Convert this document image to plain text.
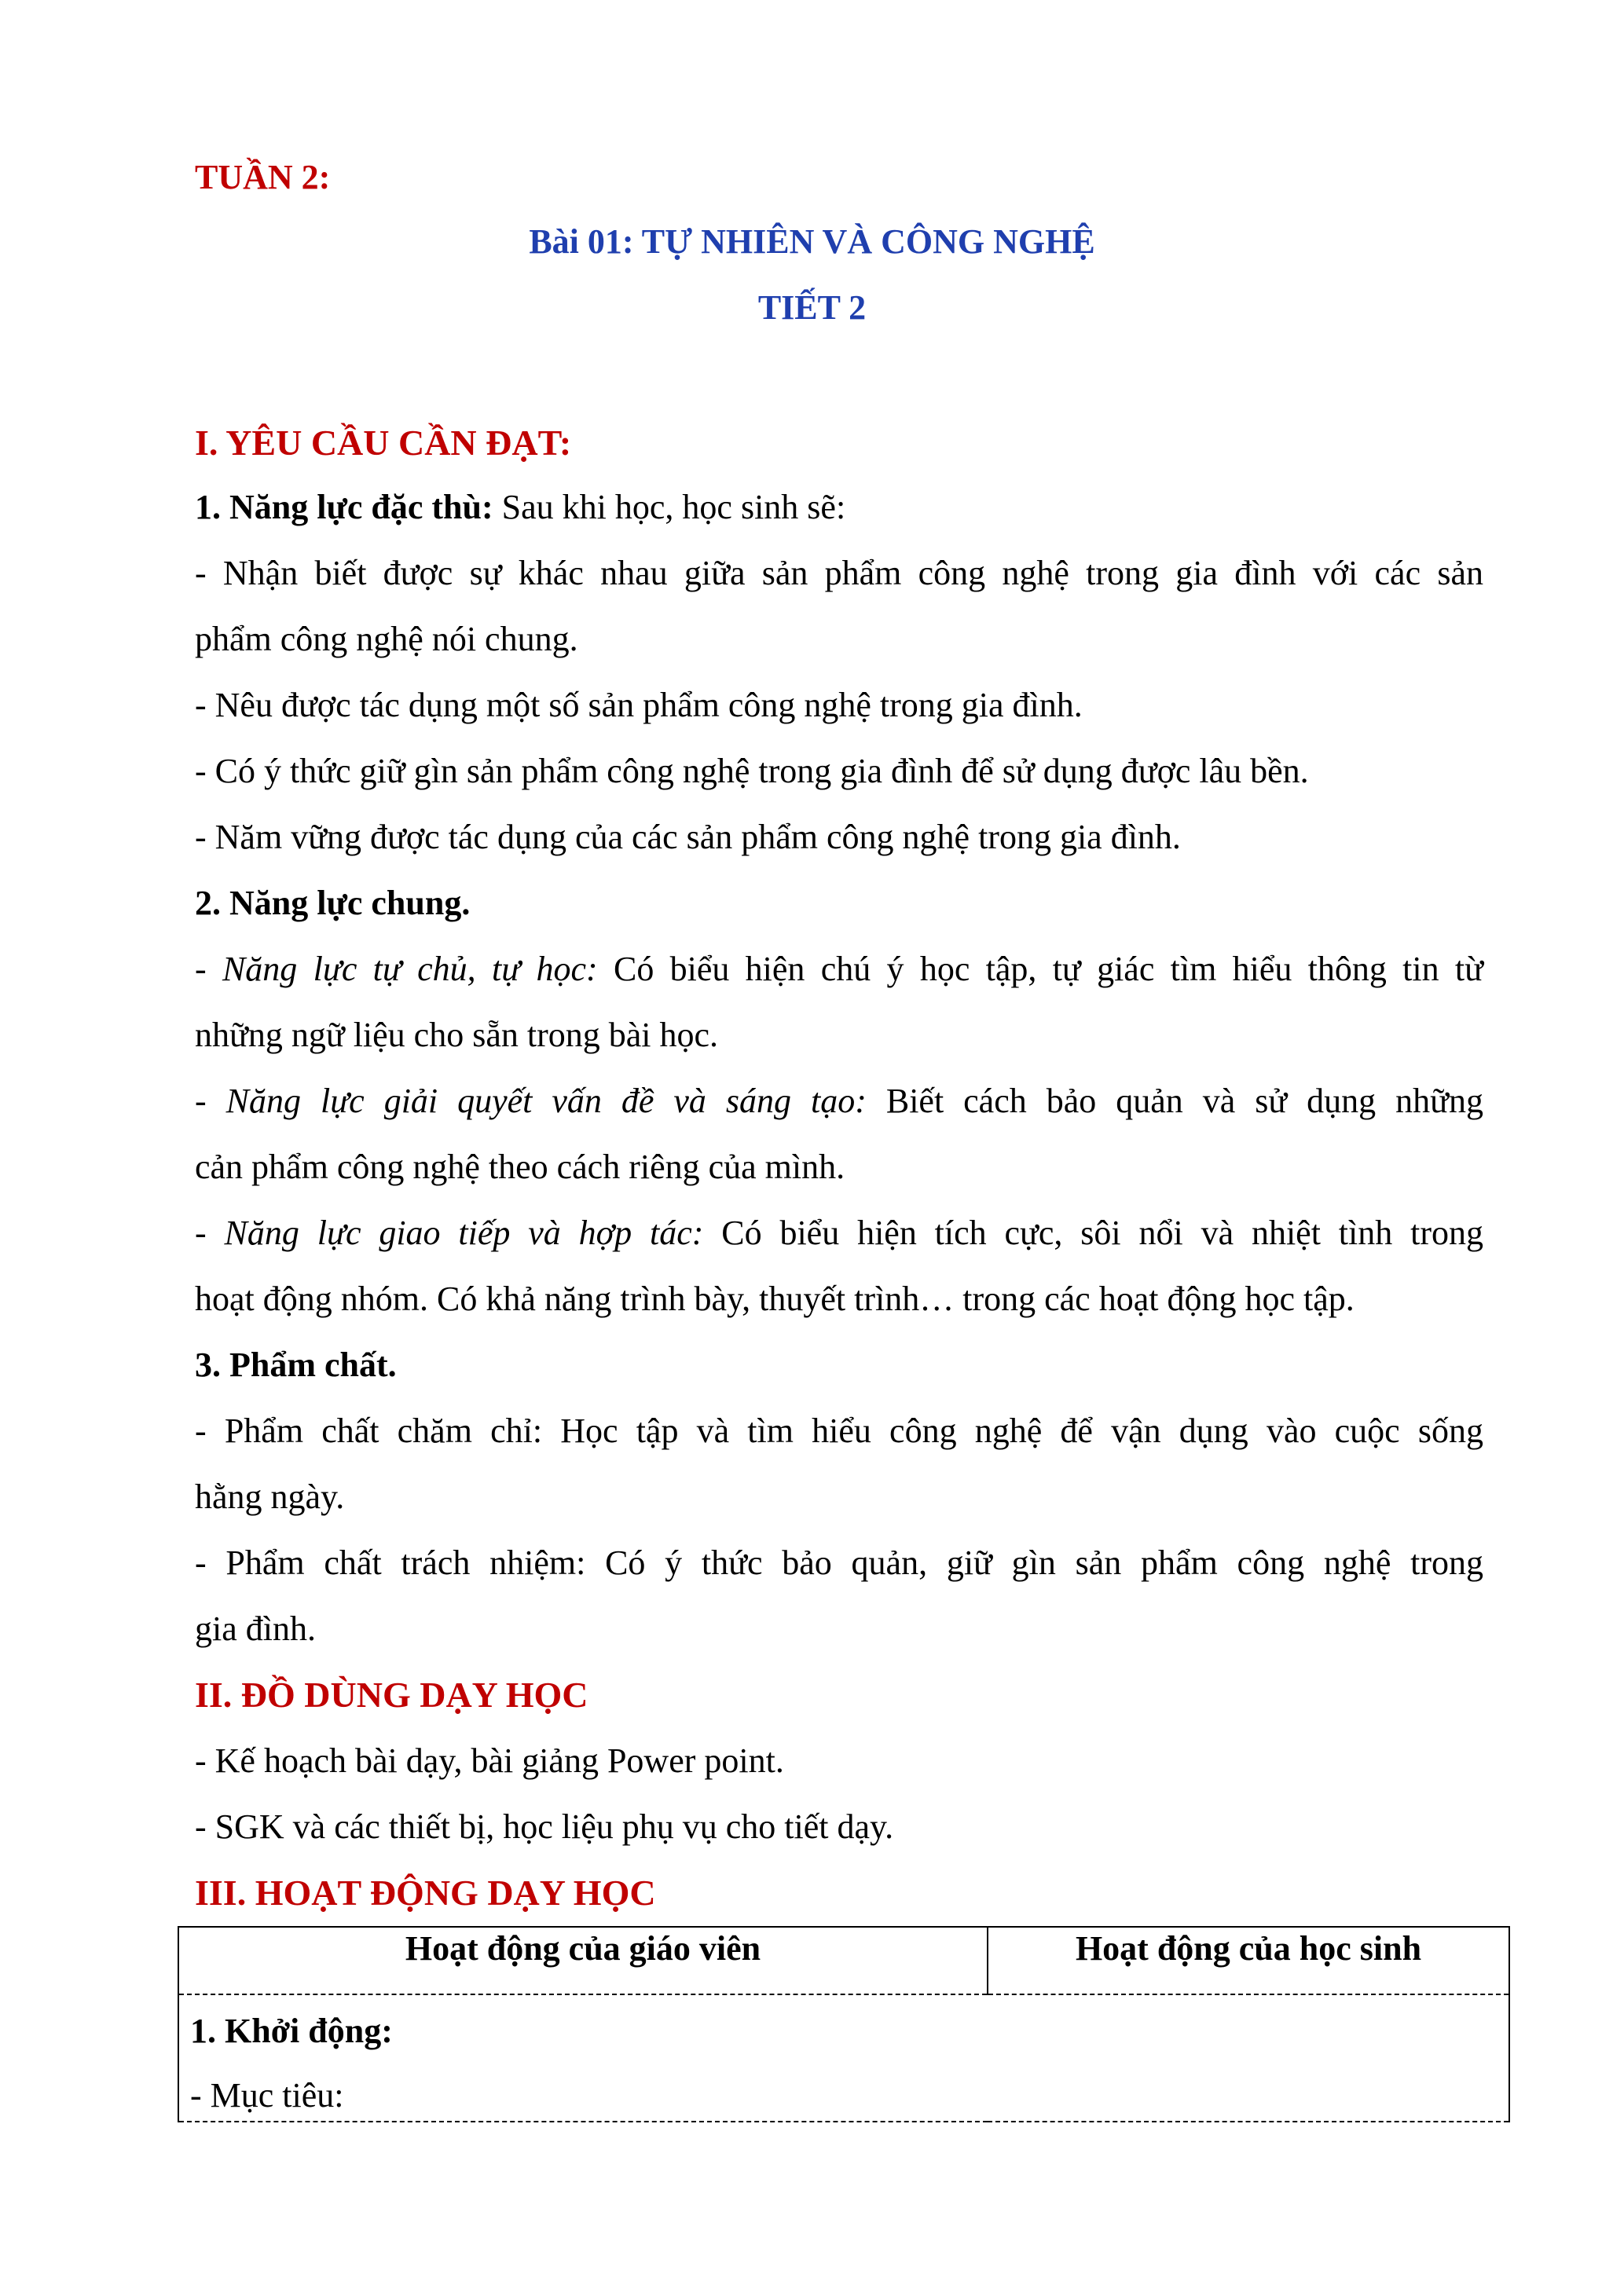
TUẦN 2:
Bài 01: TỰ NHIÊN VÀ CÔNG NGHỆ
TIẾT 2
I. YÊU CẦU CẦN ĐẠT:
1. Năng lực đặc thù: Sau khi học, học sinh sẽ:
- Nhận biết được sự khác nhau giữa sản phẩm công nghệ trong gia đình với các sản
phẩm công nghệ nói chung.
- Nêu được tác dụng một số sản phẩm công nghệ trong gia đình.
- Có ý thức giữ gìn sản phẩm công nghệ trong gia đình để sử dụng được lâu bền.
- Năm vững được tác dụng của các sản phẩm công nghệ trong gia đình.
2. Năng lực chung.
- Năng lực tự chủ, tự học: Có biểu hiện chú ý học tập, tự giác tìm hiểu thông tin từ
những ngữ liệu cho sẵn trong bài học.
- Năng lực giải quyết vấn đề và sáng tạo: Biết cách bảo quản và sử dụng những
cản phẩm công nghệ theo cách riêng của mình.
- Năng lực giao tiếp và hợp tác: Có biểu hiện tích cực, sôi nổi và nhiệt tình trong
hoạt động nhóm. Có khả năng trình bày, thuyết trình… trong các hoạt động học tập.
3. Phẩm chất.
- Phẩm chất chăm chỉ: Học tập và tìm hiểu công nghệ để vận dụng vào cuộc sống
hằng ngày.
- Phẩm chất trách nhiệm: Có ý thức bảo quản, giữ gìn sản phẩm công nghệ trong
gia đình.
II. ĐỒ DÙNG DẠY HỌC
- Kế hoạch bài dạy, bài giảng Power point.
- SGK và các thiết bị, học liệu phụ vụ cho tiết dạy.
III. HOẠT ĐỘNG DẠY HỌC
Hoạt động của giáo viên	Hoạt động của học sinh

1. Khởi động:
- Mục tiêu:
